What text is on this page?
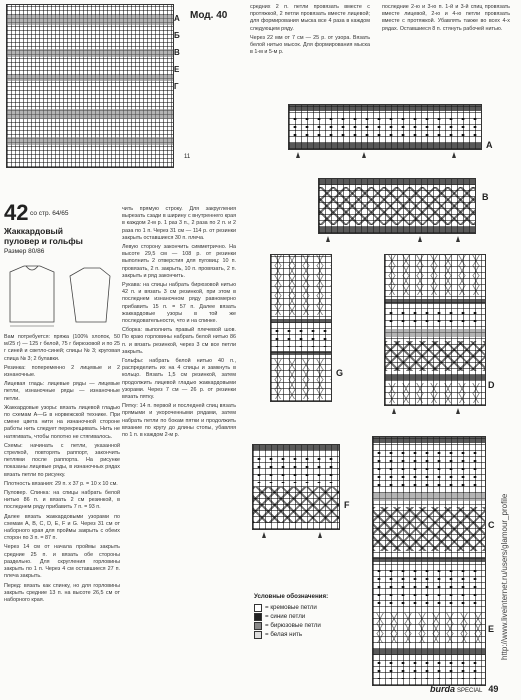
A
Б
В
E
Г
Мод. 40
11
42 со стр. 64/65
Жаккардовый
пуловер и гольфы
Размер 80/86

Вам потребуется: пряжа (100% хлопок, 50 м/25 г) — 125 г белой, 75 г бирюзовой и по 25 г синей и светло-синей; спицы № 3; круговая спица № 3; 2 булавки.

Резинка: попеременно 2 лицевые и 2 изнаночные.

Лицевая гладь: лицевые ряды — лицевые петли, изнаночные ряды — изнаночные петли.

Жаккардовые узоры: вязать лицевой гладью по схемам А—G в норвежской технике. При смене цвета нити на изнаночной стороне работы нить следует перекрещивать. Нить не натягивать, чтобы полотно не стягивалось.

Схемы: начинать с петли, указанной стрелкой, повторять раппорт, закончить петлями после раппорта. На рисунке показаны лицевые ряды, в изнаночных рядах вязать петли по рисунку.

Плотность вязания: 29 п. x 37 р. = 10 x 10 см.

Пуловер. Спинка: на спицы набрать белой нитью 86 п. и вязать 2 см резинкой, в последнем ряду прибавить 7 п. = 93 п.

Далее вязать жаккардовыми узорами по схемам A, B, C, D, E, F и G. Через 31 см от наборного края для проймы закрыть с обеих сторон по 3 п. = 87 п.

Через 14 см от начала проймы закрыть средние 25 п. и вязать обе стороны раздельно. Для скругления горловины закрыть по 1 п. Через 4 см оставшиеся 27 п. плеча закрыть.

Перед: вязать как спинку, но для горловины закрыть средние 13 п. на высоте 26,5 см от наборного края.

чить прямую строку. Для закругления вырезать сзади в ширину с внутреннего края в каждом 2-м р. 1 раз 3 п., 2 раза по 2 п. и 2 раза по 1 п. Через 31 см — 114 р. от резинки закрыть оставшиеся 30 п. плеча.

Левую сторону закончить симметрично. На высоте 29,5 см — 108 р. от резинки выполнить 2 отверстия для пуговиц: 10 п. провязать, 2 п. закрыть, 10 п. провязать, 2 п. закрыть и ряд закончить.

Рукава: на спицы набрать бирюзовой нитью 42 п. и вязать 3 см резинкой, при этом в последнем изнаночном ряду равномерно прибавить 15 п. = 57 п. Далее вязать жаккардовые узоры в той же последовательности, что и на спинке.

Сборка: выполнить правый плечевой шов. По краю горловины набрать белой нитью 86 п. и вязать резинкой, через 3 см все петли закрыть.

Гольфы: набрать белой нитью 40 п., распределить их на 4 спицы и замкнуть в кольцо. Вязать 1,5 см резинкой, затем продолжить лицевой гладью жаккардовыми узорами. Через 7 см — 26 р. от резинки вязать пятку.

Пятку: 14 п. первой и последней спиц вязать прямыми и укороченными рядами, затем набрать петли по бокам пятки и продолжить вязание по кругу до длины стопы, убавляя по 1 п. в каждом 2-м р.

средних 2 п. петли провязать вместе с протяжкой, 2 петли провязать вместе лицевой; для формирования мыска все 4 раза в каждом следующем ряду.

Через 22 мм от 7 см — 25 р. от узора. Вязать белой нитью мысок. Для формирования мыска в 1-м и 5-м р.

последние 2-ю и 3-ю п. 1-й и 3-й спиц провязать вместе лицевой, 2-ю и 4-ю петли провязать вместе с протяжкой. Убавлять также во всех 4-х рядах. Оставшиеся 8 п. стянуть рабочей нитью.

A
B
G
D
F
E
C
Условные обозначения:
= кремовые петли
= синие петли
= бирюзовые петли
= белая нить	http://www.liveinternet.ru/users/glamour_profile
burda SPECIAL 49
